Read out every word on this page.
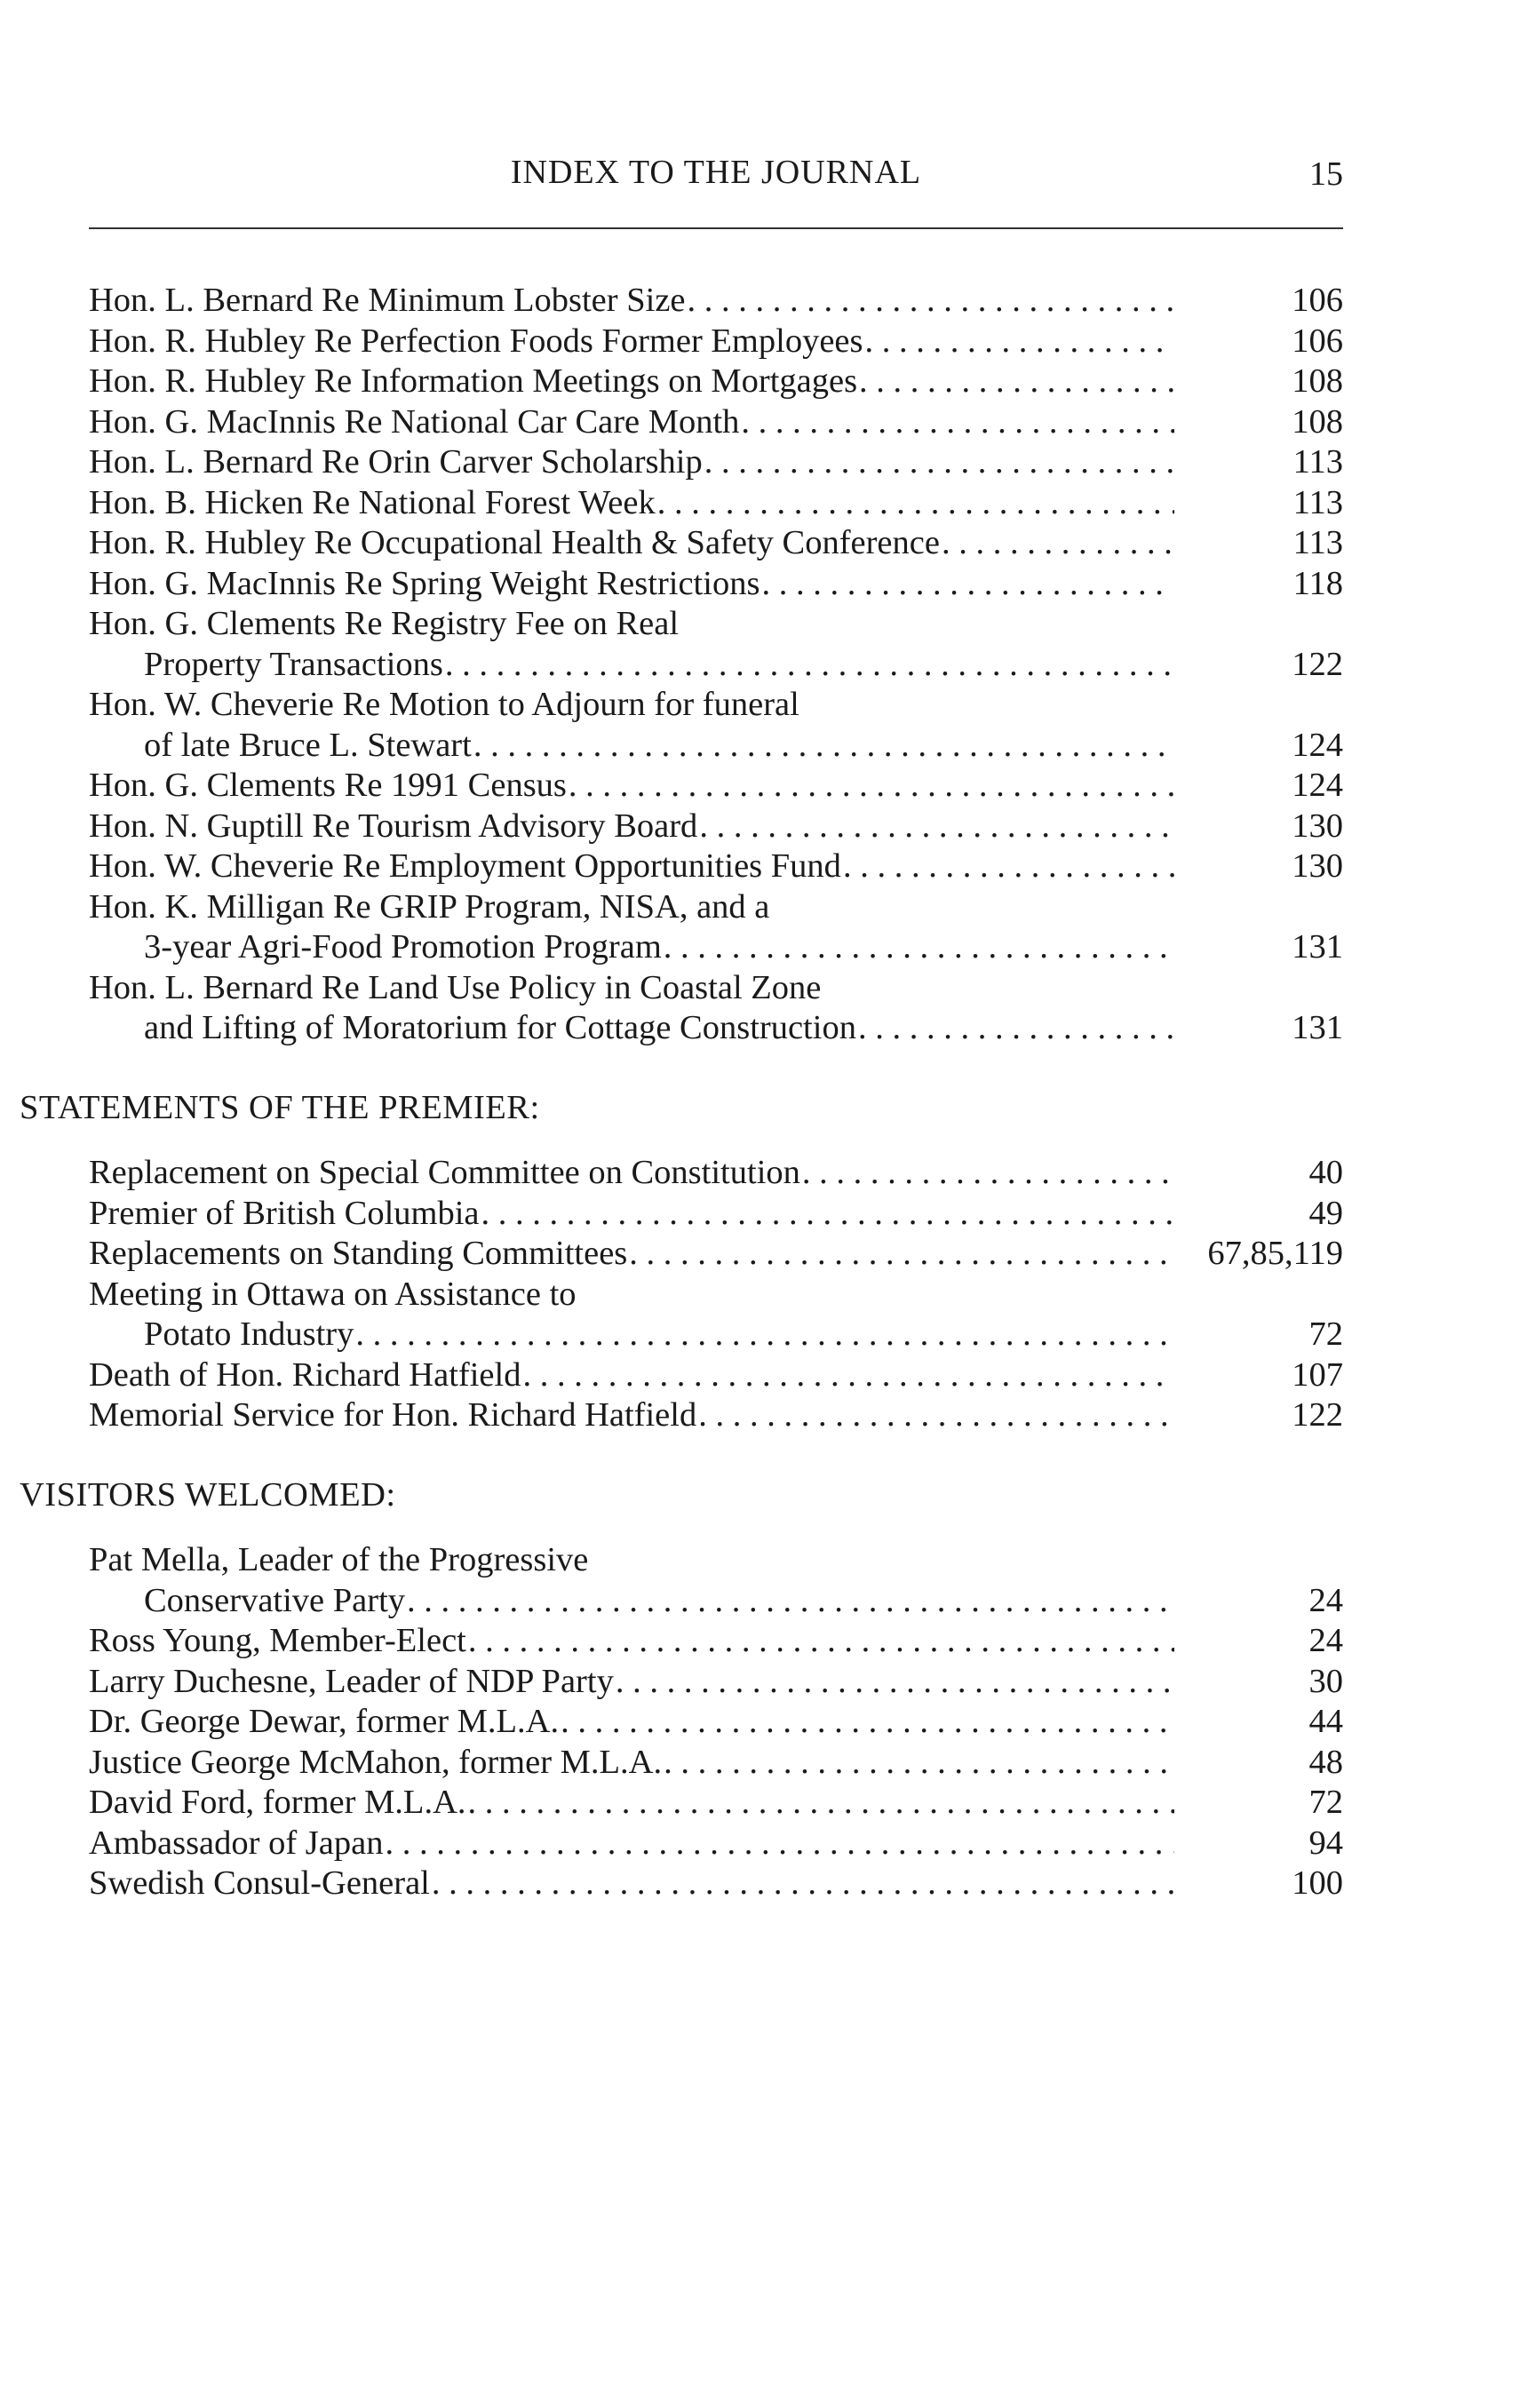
INDEX TO THE JOURNAL	15
Hon. L. Bernard Re Minimum Lobster Size . . .	106
Hon. R. Hubley Re Perfection Foods Former Employees . . .	106
Hon. R. Hubley Re Information Meetings on Mortgages . . .	108
Hon. G. MacInnis Re National Car Care Month . . .	108
Hon. L. Bernard Re Orin Carver Scholarship . . .	113
Hon. B. Hicken Re National Forest Week . . .	113
Hon. R. Hubley Re Occupational Health & Safety Conference . . .	113
Hon. G. MacInnis Re Spring Weight Restrictions . . .	118
Hon. G. Clements Re Registry Fee on Real
Property Transactions . . .	122
Hon. W. Cheverie Re Motion to Adjourn for funeral
of late Bruce L. Stewart . . .	124
Hon. G. Clements Re 1991 Census . . .	124
Hon. N. Guptill Re Tourism Advisory Board . . .	130
Hon. W. Cheverie Re Employment Opportunities Fund . . .	130
Hon. K. Milligan Re GRIP Program, NISA, and a
3-year Agri-Food Promotion Program . . .	131
Hon. L. Bernard Re Land Use Policy in Coastal Zone
and Lifting of Moratorium for Cottage Construction . . .	131
STATEMENTS OF THE PREMIER:
Replacement on Special Committee on Constitution . . .	40
Premier of British Columbia . . .	49
Replacements on Standing Committees . . .	67,85,119
Meeting in Ottawa on Assistance to
Potato Industry . . .	72
Death of Hon. Richard Hatfield . . .	107
Memorial Service for Hon. Richard Hatfield . . .	122
VISITORS WELCOMED:
Pat Mella, Leader of the Progressive
Conservative Party . . .	24
Ross Young, Member-Elect . . .	24
Larry Duchesne, Leader of NDP Party . . .	30
Dr. George Dewar, former M.L.A. . . .	44
Justice George McMahon, former M.L.A. . . .	48
David Ford, former M.L.A. . . .	72
Ambassador of Japan . . .	94
Swedish Consul-General . . .	100
